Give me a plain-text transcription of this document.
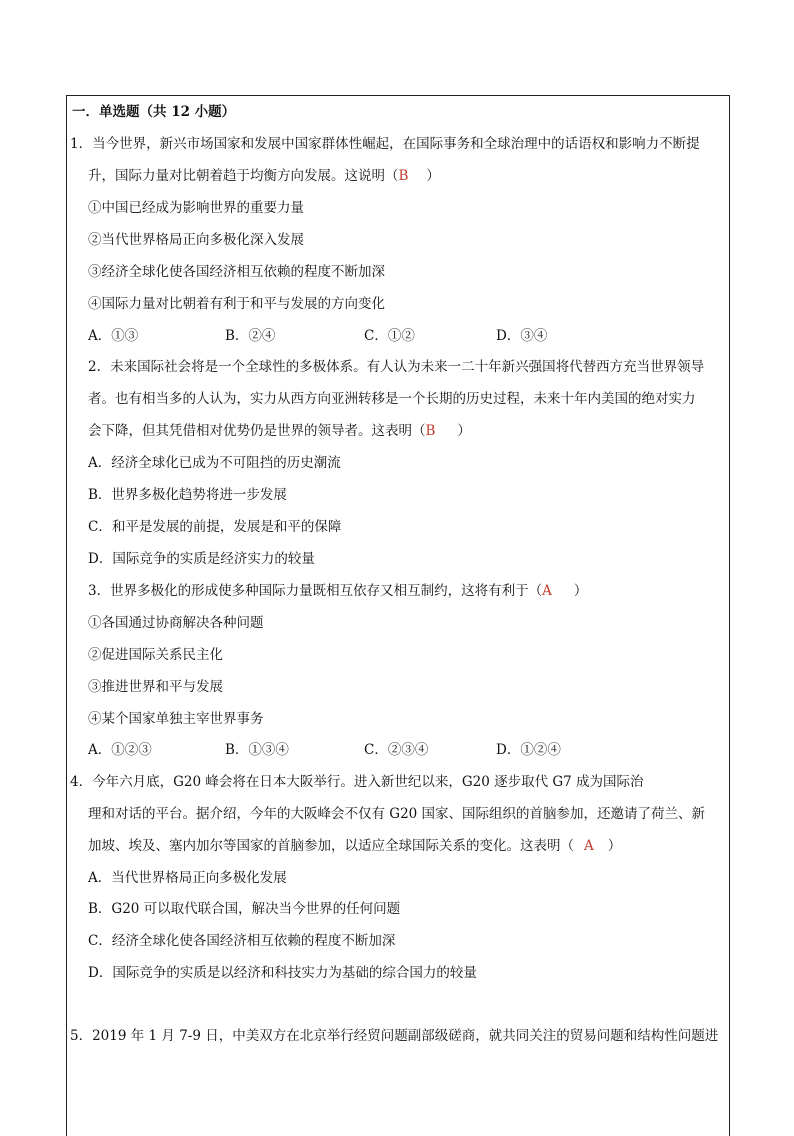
一．单选题（共 12 小题）
1．当今世界，新兴市场国家和发展中国家群体性崛起，在国际事务和全球治理中的话语权和影响力不断提
升，国际力量对比朝着趋于均衡方向发展。这说明（B ）
①中国已经成为影响世界的重要力量
②当代世界格局正向多极化深入发展
③经济全球化使各国经济相互依赖的程度不断加深
④国际力量对比朝着有利于和平与发展的方向变化
A．①③	B．②④	C．①②	D．③④
2．未来国际社会将是一个全球性的多极体系。有人认为未来一二十年新兴强国将代替西方充当世界领导
者。也有相当多的人认为，实力从西方向亚洲转移是一个长期的历史过程，未来十年内美国的绝对实力
会下降，但其凭借相对优势仍是世界的领导者。这表明（B ）
A．经济全球化已成为不可阻挡的历史潮流
B．世界多极化趋势将进一步发展
C．和平是发展的前提，发展是和平的保障
D．国际竞争的实质是经济实力的较量
3．世界多极化的形成使多种国际力量既相互依存又相互制约，这将有利于（A ）
①各国通过协商解决各种问题
②促进国际关系民主化
③推进世界和平与发展
④某个国家单独主宰世界事务
A．①②③	B．①③④	C．②③④	D．①②④
4．今年六月底，G20 峰会将在日本大阪举行。进入新世纪以来，G20 逐步取代 G7 成为国际治
理和对话的平台。据介绍，今年的大阪峰会不仅有 G20 国家、国际组织的首脑参加，还邀请了荷兰、新
加坡、埃及、塞内加尔等国家的首脑参加，以适应全球国际关系的变化。这表明（ A ）
A．当代世界格局正向多极化发展
B．G20 可以取代联合国，解决当今世界的任何问题
C．经济全球化使各国经济相互依赖的程度不断加深
D．国际竞争的实质是以经济和科技实力为基础的综合国力的较量
5．2019 年 1 月 7-9 日，中美双方在北京举行经贸问题副部级磋商，就共同关注的贸易问题和结构性问题进
